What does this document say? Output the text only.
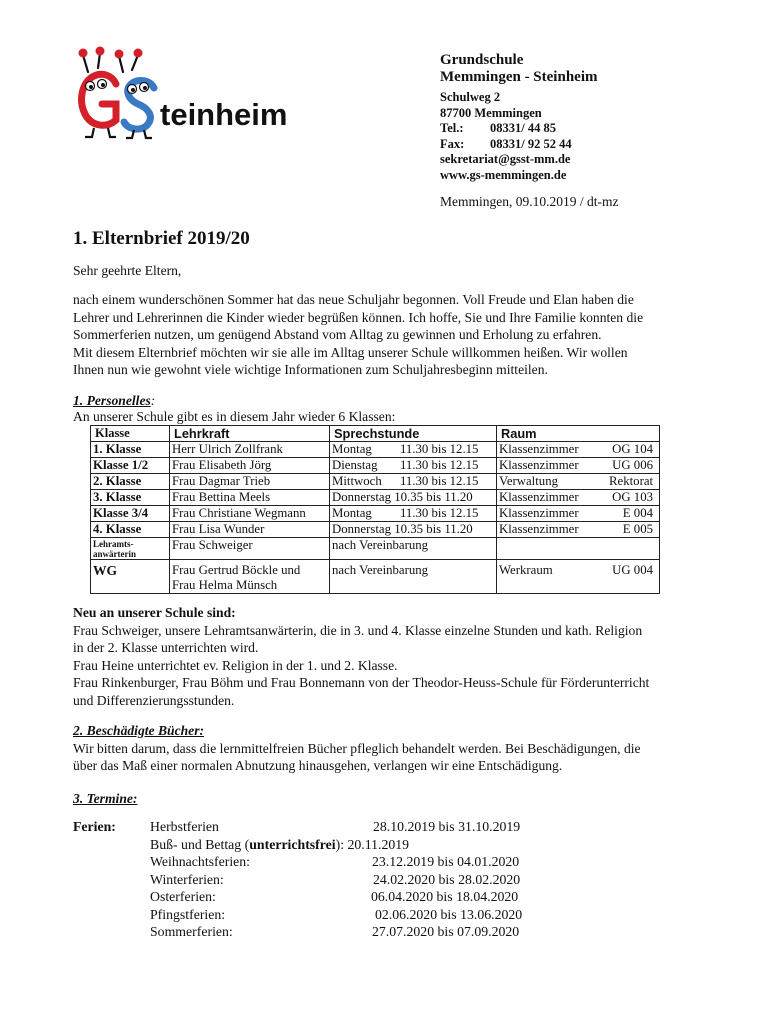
teinheim
Grundschule
Memmingen - Steinheim
Schulweg 2
87700 Memmingen
Tel.: 08331/ 44 85
Fax: 08331/ 92 52 44
sekretariat@gsst-mm.de
www.gs-memmingen.de
Memmingen, 09.10.2019 / dt-mz
1. Elternbrief 2019/20

Sehr geehrte Eltern,

nach einem wunderschönen Sommer hat das neue Schuljahr begonnen. Voll Freude und Elan haben die
Lehrer und Lehrerinnen die Kinder wieder begrüßen können. Ich hoffe, Sie und Ihre Familie konnten die
Sommerferien nutzen, um genügend Abstand vom Alltag zu gewinnen und Erholung zu erfahren.
Mit diesem Elternbrief möchten wir sie alle im Alltag unserer Schule willkommen heißen. Wir wollen
Ihnen nun wie gewohnt viele wichtige Informationen zum Schuljahresbeginn mitteilen.
1. Personelles:
An unserer Schule gibt es in diesem Jahr wieder 6 Klassen:
Klasse	Lehrkraft	Sprechstunde	Raum
1. Klasse	Herr Ulrich Zollfrank	Montag 11.30 bis 12.15	Klassenzimmer OG 104
Klasse 1/2	Frau Elisabeth Jörg	Dienstag 11.30 bis 12.15	Klassenzimmer UG 006
2. Klasse	Frau Dagmar Trieb	Mittwoch 11.30 bis 12.15	Verwaltung Rektorat
3. Klasse	Frau Bettina Meels	Donnerstag 10.35 bis 11.20	Klassenzimmer OG 103
Klasse 3/4	Frau Christiane Wegmann	Montag 11.30 bis 12.15	Klassenzimmer E 004
4. Klasse	Frau Lisa Wunder	Donnerstag 10.35 bis 11.20	Klassenzimmer E 005

Lehramts-
anwärterin	Frau Schweiger	nach Vereinbarung	
WG	Frau Gertrud Böckle und
Frau Helma Münsch	nach Vereinbarung	Werkraum UG 004
Neu an unserer Schule sind:
Frau Schweiger, unsere Lehramtsanwärterin, die in 3. und 4. Klasse einzelne Stunden und kath. Religion
in der 2. Klasse unterrichten wird.
Frau Heine unterrichtet ev. Religion in der 1. und 2. Klasse.
Frau Rinkenburger, Frau Böhm und Frau Bonnemann von der Theodor-Heuss-Schule für Förderunterricht
und Differenzierungsstunden.
2. Beschädigte Bücher:
Wir bitten darum, dass die lernmittelfreien Bücher pfleglich behandelt werden. Bei Beschädigungen, die
über das Maß einer normalen Abnutzung hinausgehen, verlangen wir eine Entschädigung.
3. Termine:
Ferien: Herbstferien	28.10.2019 bis 31.10.2019
Buß- und Bettag (unterrichtsfrei): 20.11.2019
Weihnachtsferien:	23.12.2019 bis 04.01.2020
Winterferien:	24.02.2020 bis 28.02.2020
Osterferien:	06.04.2020 bis 18.04.2020
Pfingstferien:	02.06.2020 bis 13.06.2020
Sommerferien:	27.07.2020 bis 07.09.2020
